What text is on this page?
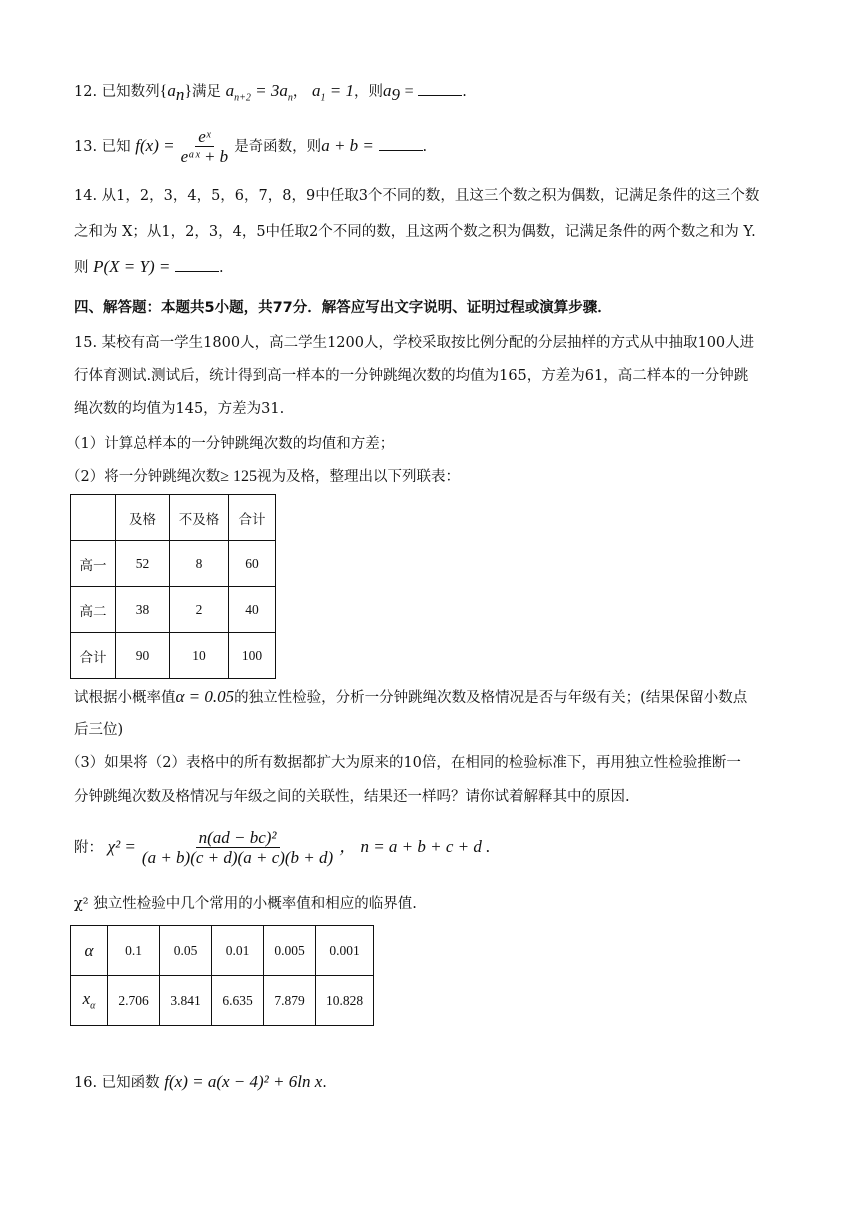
12. 已知数列$\{a_n\}$满足 $a_{n+2} = 3a_n$， $a_1 = 1$，则$a_9$ =	.
13. 已知 $f(x) = \frac{\text{eˣ}}{\text{eᵃˣ + b}}$ 是奇函数，则a + b =	.
14. 从1，2，3，4，5，6，7，8，9中任取3个不同的数，且这三个数之积为偶数，记满足条件的这三个数
之和为 X；从1，2，3，4，5中任取2个不同的数，且这两个数之积为偶数，记满足条件的两个数之和为 Y.
则 P(X = Y) =	.
四、解答题：本题共5小题，共77分．解答应写出文字说明、证明过程或演算步骤．
15. 某校有高一学生1800人，高二学生1200人，学校采取按比例分配的分层抽样的方式从中抽取100人进
行体育测试.测试后，统计得到高一样本的一分钟跳绳次数的均值为165，方差为61，高二样本的一分钟跳
绳次数的均值为145，方差为31.
（1）计算总样本的一分钟跳绳次数的均值和方差；
（2）将一分钟跳绳次数≥ 125视为及格，整理出以下列联表：
	及格	不及格	合计
高一	52	8	60
高二	38	2	40
合计	90	10	100
试根据小概率值α = 0.05的独立性检验，分析一分钟跳绳次数及格情况是否与年级有关；(结果保留小数点
后三位)
（3）如果将（2）表格中的所有数据都扩大为原来的10倍，在相同的检验标准下，再用独立性检验推断一
分钟跳绳次数及格情况与年级之间的关联性，结果还一样吗？请你试着解释其中的原因.
附： $\chi^2 = \frac{\text{n(ad − bc)²}}{(a + b)(c + d)(a + c)(b + d)}$ ， n = a + b + c + d .
χ² 独立性检验中几个常用的小概率值和相应的临界值.
α	0.1	0.05	0.01	0.005	0.001
$x_\alpha$	2.706	3.841	6.635	7.879	10.828
16. 已知函数 f(x) = a(x − 4)² + 6ln x.
